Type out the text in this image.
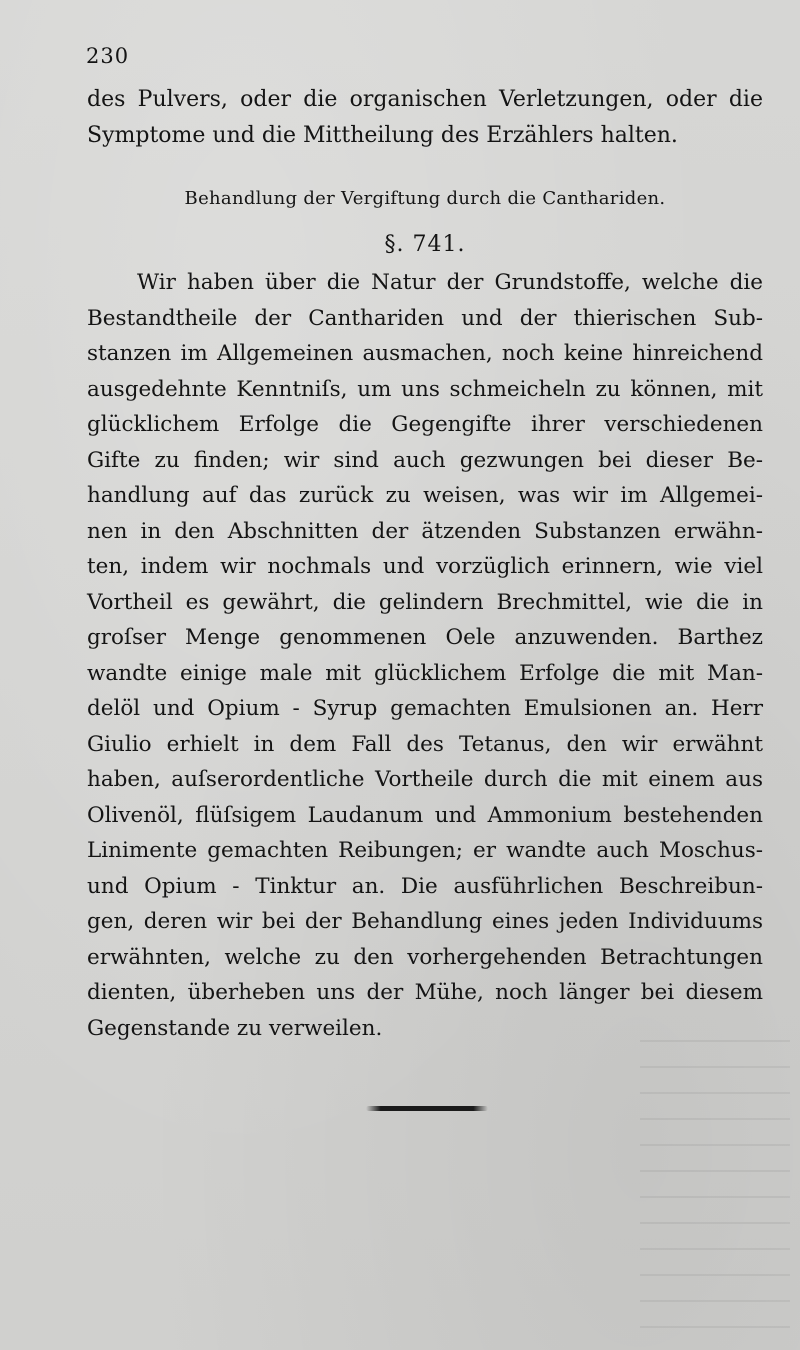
230
des Pulvers, oder die organischen Verletzungen, oder die
Symptome und die Mittheilung des Erzählers halten.
Behandlung der Vergiftung durch die Canthariden.
§. 741.
Wir haben über die Natur der Grundstoffe, welche die
Bestandtheile der Canthariden und der thierischen Sub-
stanzen im Allgemeinen ausmachen, noch keine hinreichend
ausgedehnte Kenntniſs, um uns schmeicheln zu können, mit
glücklichem Erfolge die Gegengifte ihrer verschiedenen
Gifte zu finden; wir sind auch gezwungen bei dieser Be-
handlung auf das zurück zu weisen, was wir im Allgemei-
nen in den Abschnitten der ätzenden Substanzen erwähn-
ten, indem wir nochmals und vorzüglich erinnern, wie viel
Vortheil es gewährt, die gelindern Brechmittel, wie die in
groſser Menge genommenen Oele anzuwenden. Barthez
wandte einige male mit glücklichem Erfolge die mit Man-
delöl und Opium - Syrup gemachten Emulsionen an. Herr
Giulio erhielt in dem Fall des Tetanus, den wir erwähnt
haben, auſserordentliche Vortheile durch die mit einem aus
Olivenöl, flüſsigem Laudanum und Ammonium bestehenden
Linimente gemachten Reibungen; er wandte auch Moschus-
und Opium - Tinktur an. Die ausführlichen Beschreibun-
gen, deren wir bei der Behandlung eines jeden Individuums
erwähnten, welche zu den vorhergehenden Betrachtungen
dienten, überheben uns der Mühe, noch länger bei diesem
Gegenstande zu verweilen.
